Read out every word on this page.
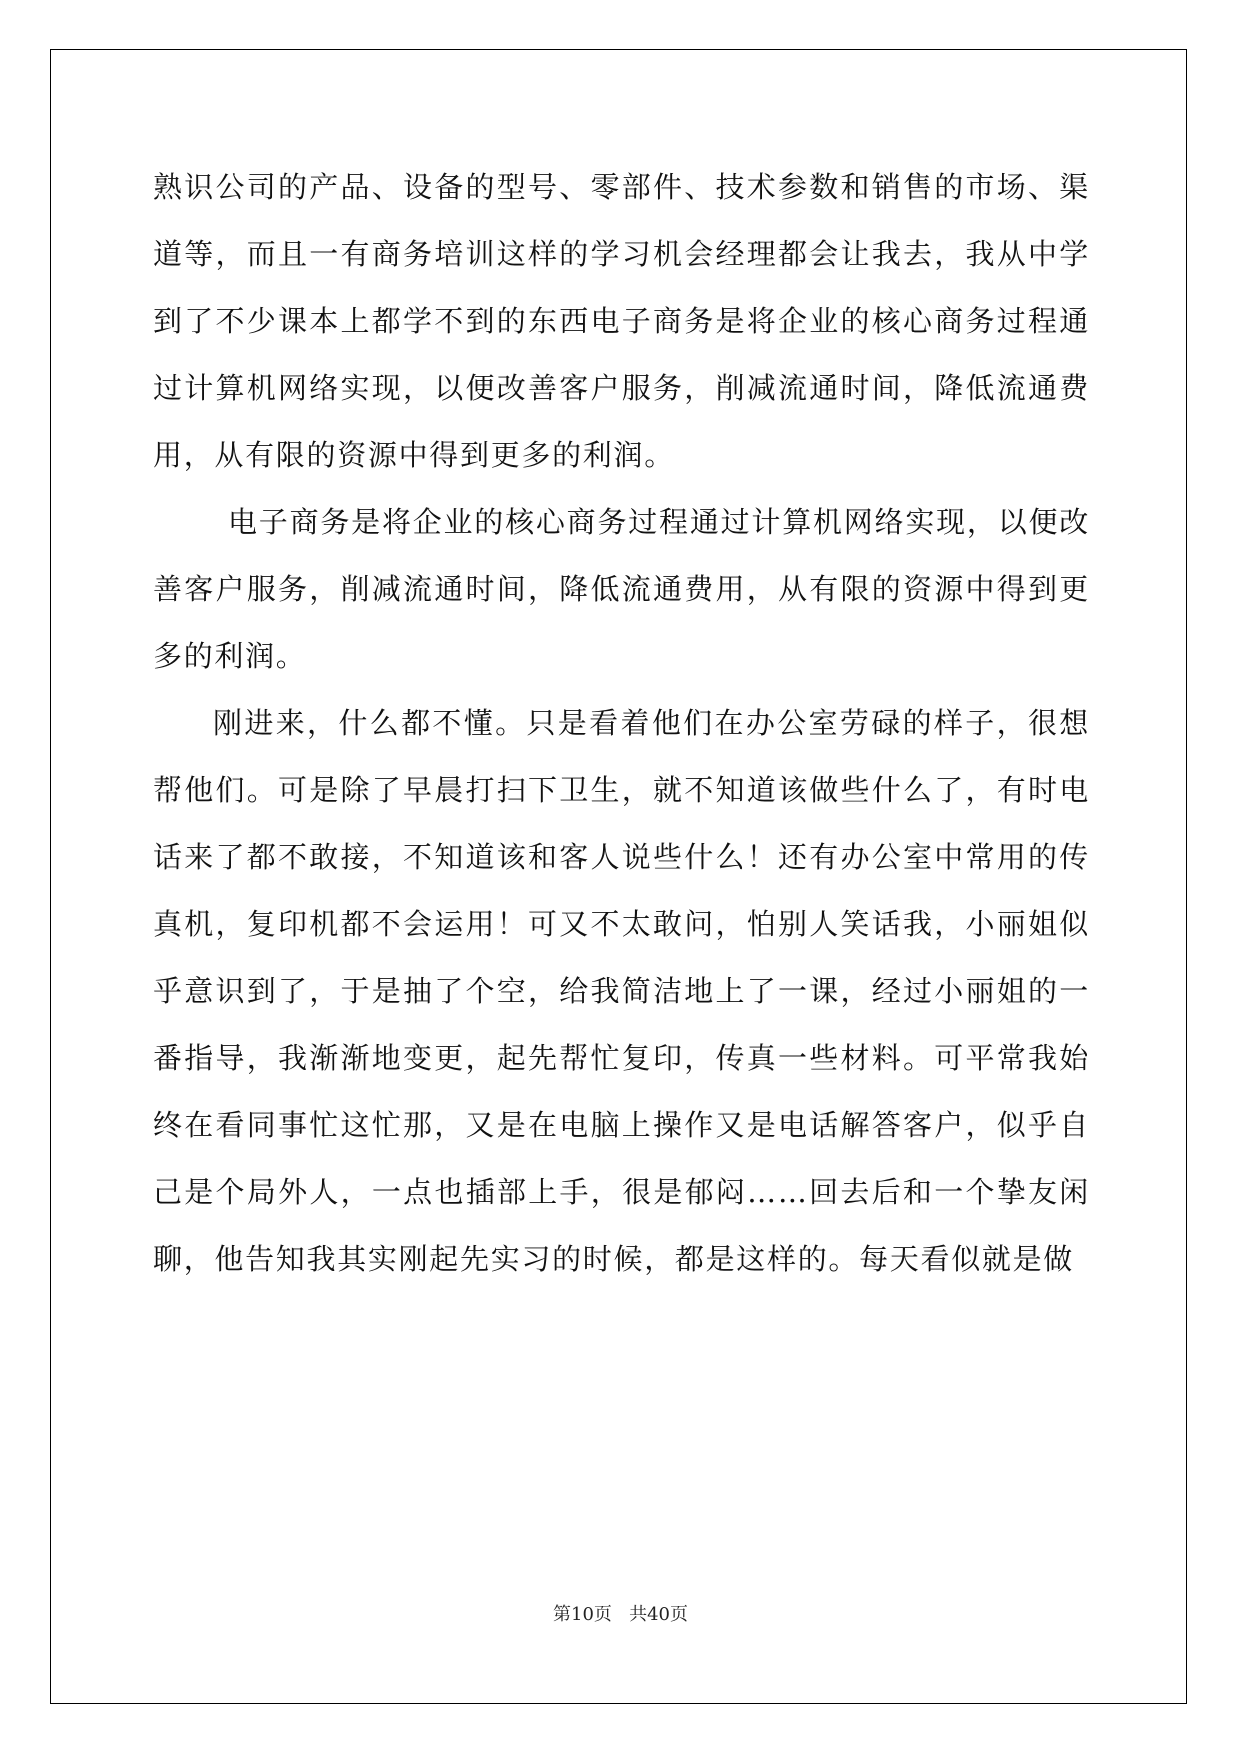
熟识公司的产品、设备的型号、零部件、技术参数和销售的市场、渠道等，而且一有商务培训这样的学习机会经理都会让我去，我从中学到了不少课本上都学不到的东西电子商务是将企业的核心商务过程通过计算机网络实现，以便改善客户服务，削减流通时间，降低流通费用，从有限的资源中得到更多的利润。

电子商务是将企业的核心商务过程通过计算机网络实现，以便改善客户服务，削减流通时间，降低流通费用，从有限的资源中得到更多的利润。

刚进来，什么都不懂。只是看着他们在办公室劳碌的样子，很想帮他们。可是除了早晨打扫下卫生，就不知道该做些什么了，有时电话来了都不敢接，不知道该和客人说些什么！还有办公室中常用的传真机，复印机都不会运用！可又不太敢问，怕别人笑话我，小丽姐似乎意识到了，于是抽了个空，给我简洁地上了一课，经过小丽姐的一番指导，我渐渐地变更，起先帮忙复印，传真一些材料。可平常我始终在看同事忙这忙那，又是在电脑上操作又是电话解答客户，似乎自己是个局外人，一点也插部上手，很是郁闷……回去后和一个挚友闲聊，他告知我其实刚起先实习的时候，都是这样的。每天看似就是做

第10页   共40页
